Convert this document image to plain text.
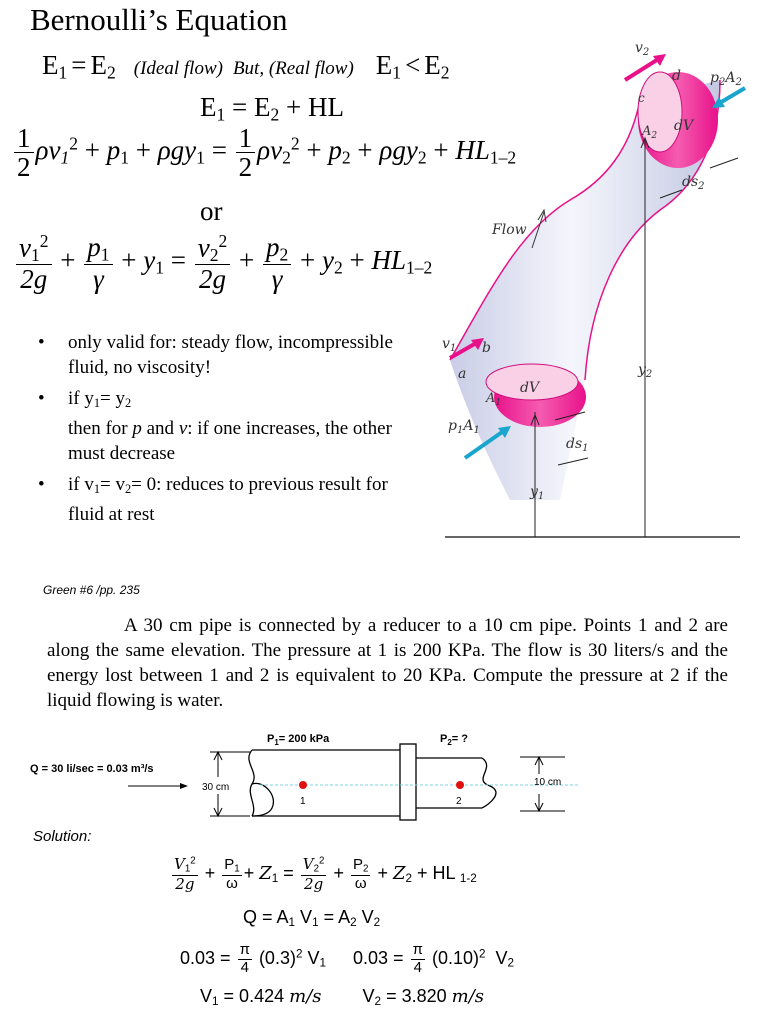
Bernoulli’s Equation
$E_1 = E_2$ (Ideal flow) But, (Real flow) $E_1 < E_2$
$E_1 = E_2$ + HL
$\frac{1}{2} \rho v_1^2 + p_1 + \rho gy_1 = \frac{1}{2} \rho v_2^2 + p_2 + \rho gy_2 + HL_{1-2}$
or
$\frac{v_1^2}{2g} + \frac{p_1}{\gamma} + y_1 = \frac{v_2^2}{2g} + \frac{p_2}{\gamma} + y_2 + HL_{1-2}$
• only valid for: steady flow, incompressible fluid, no viscosity!
• if $y_1= y_2$
then for p and v: if one increases, the other must decrease
• if $v_1= v_2= 0$: reduces to previous result for fluid at rest
$v_2$
d
c
$p_2A_2$
$A_2$
dV
$ds_2$
Flow
$v_1$ b
a
dV
$A_1$
$p_1A_1$
$ds_1$
$y_1$
$y_2$
Green #6 /pp. 235

A 30 cm pipe is connected by a reducer to a 10 cm pipe. Points 1 and 2 are along the same elevation. The pressure at 1 is 200 KPa. The flow is 30 liters/s and the energy lost between 1 and 2 is equivalent to 20 KPa. Compute the pressure at 2 if the liquid flowing is water.

Q = 30 li/sec = 0.03 m³/s
30 cm	10 cm
$P_1= 200$ kPa	$P_2=$ ?
1	2
Solution:
$\frac{V_1^2}{2g} + \frac{P_1}{\omega} + Z_1 = \frac{V_2^2}{2g} + \frac{P_2}{\omega} + Z_2$ + HL $_{1-2}$
$Q = A_1$ $V_1 = A_2$ $V_2$
$0.03 = \frac{\pi}{4} (0.3)^2$ $V_1$ $0.03 = \frac{\pi}{4} (0.10)^2$  $V_2$
$V_1 = 0.424$ m/s $V_2 = 3.820$ m/s
